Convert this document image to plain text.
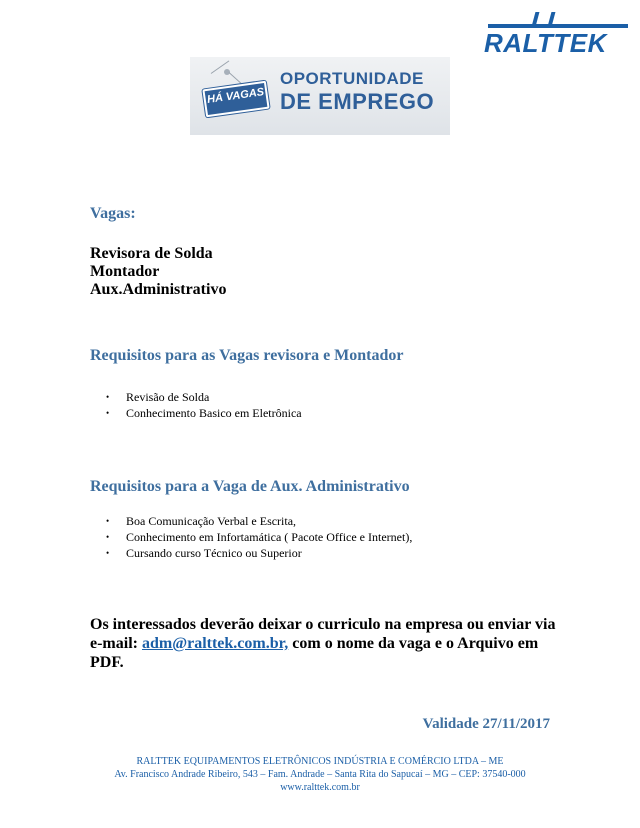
RALTTEK
HÁ VAGAS
OPORTUNIDADE
DE EMPREGO
Vagas:
Revisora de Solda
Montador
Aux.Administrativo
Requisitos para as Vagas revisora e Montador
• Revisão de Solda
• Conhecimento Basico em Eletrônica
Requisitos para a Vaga de Aux. Administrativo
• Boa Comunicação Verbal e Escrita,
• Conhecimento em Infortamática ( Pacote Office e Internet),
• Cursando curso Técnico ou Superior
Os interessados deverão deixar o curriculo na empresa ou enviar via e-mail: adm@ralttek.com.br, com o nome da vaga e o Arquivo em PDF.
Validade 27/11/2017
RALTTEK EQUIPAMENTOS ELETRÔNICOS INDÚSTRIA E COMÉRCIO LTDA – ME
Av. Francisco Andrade Ribeiro, 543 – Fam. Andrade – Santa Rita do Sapucaí – MG – CEP: 37540-000
www.ralttek.com.br
